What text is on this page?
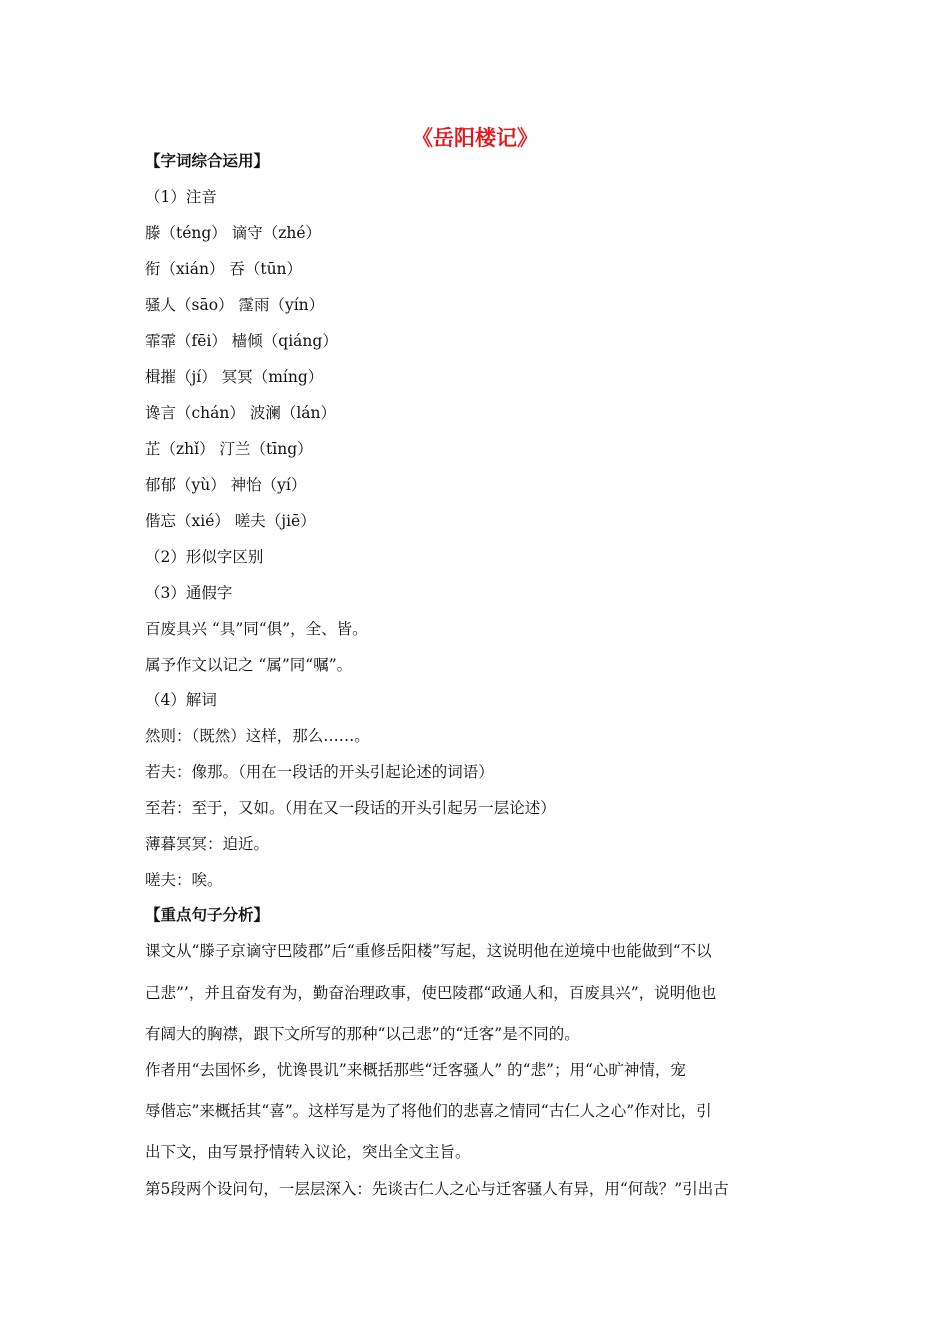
《岳阳楼记》
【字词综合运用】
（1）注音
滕（téng） 谪守（zhé）
衔（xián） 吞（tūn）
骚人（sāo） 霪雨（yín）
霏霏（fēi） 樯倾（qiáng）
楫摧（jí） 冥冥（míng）
谗言（chán） 波澜（lán）
芷（zhǐ） 汀兰（tīng）
郁郁（yù） 神怡（yí）
偕忘（xié） 嗟夫（jiē）
（2）形似字区别
（3）通假字
百废具兴 “具”同“俱”，全、皆。
属予作文以记之 “属”同“嘱”。
（4）解词
然则：（既然）这样，那么……。
若夫：像那。（用在一段话的开头引起论述的词语）
至若：至于，又如。（用在又一段话的开头引起另一层论述）
薄暮冥冥：迫近。
嗟夫：唉。
【重点句子分析】
课文从“滕子京谪守巴陵郡”后“重修岳阳楼”写起，这说明他在逆境中也能做到“不以
己悲”’，并且奋发有为，勤奋治理政事，使巴陵郡“政通人和，百废具兴”，说明他也
有阔大的胸襟，跟下文所写的那种“以己悲”的“迁客”是不同的。
作者用“去国怀乡，忧谗畏讥”来概括那些“迁客骚人” 的“悲”；用“心旷神情，宠
辱偕忘”来概括其“喜”。这样写是为了将他们的悲喜之情同“古仁人之心”作对比，引
出下文，由写景抒情转入议论，突出全文主旨。
第5段两个设问句，一层层深入：先谈古仁人之心与迁客骚人有异，用“何哉？”引出古
